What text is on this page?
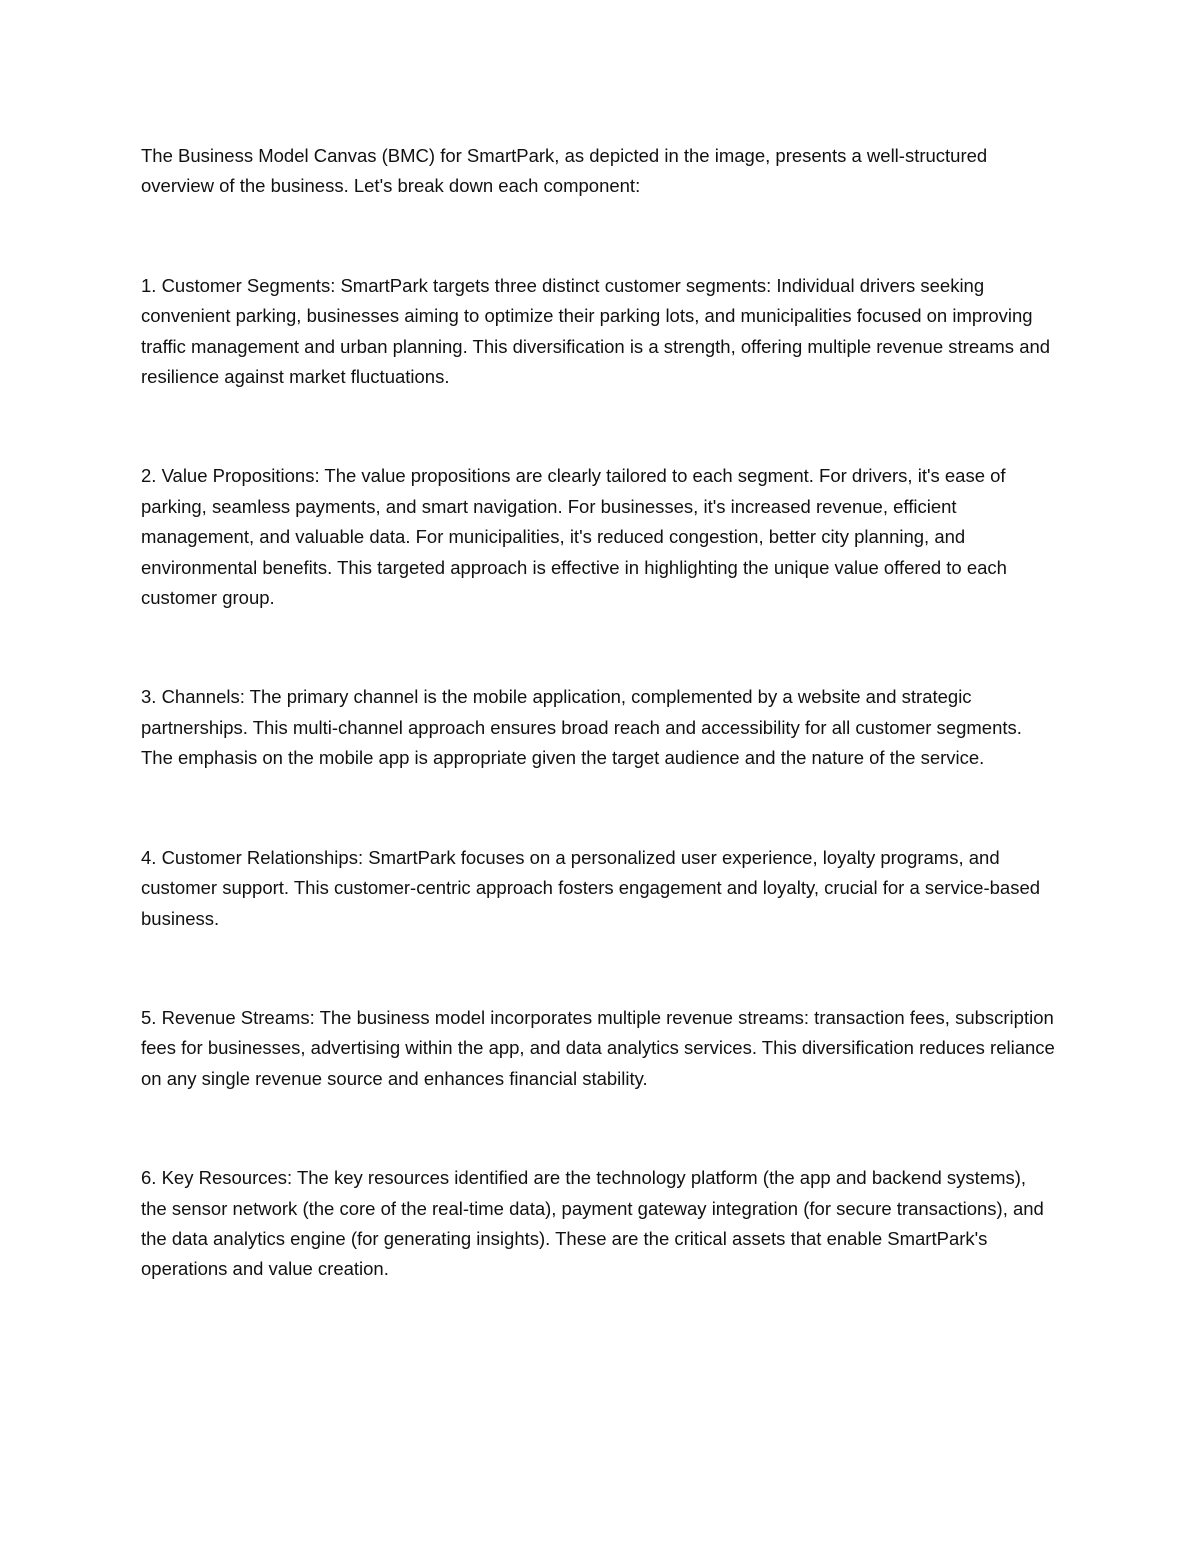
The Business Model Canvas (BMC) for SmartPark, as depicted in the image, presents a well-structured overview of the business. Let's break down each component:

1. Customer Segments: SmartPark targets three distinct customer segments: Individual drivers seeking convenient parking, businesses aiming to optimize their parking lots, and municipalities focused on improving traffic management and urban planning. This diversification is a strength, offering multiple revenue streams and resilience against market fluctuations.

2. Value Propositions: The value propositions are clearly tailored to each segment. For drivers, it's ease of parking, seamless payments, and smart navigation. For businesses, it's increased revenue, efficient management, and valuable data. For municipalities, it's reduced congestion, better city planning, and environmental benefits. This targeted approach is effective in highlighting the unique value offered to each customer group.

3. Channels: The primary channel is the mobile application, complemented by a website and strategic partnerships. This multi-channel approach ensures broad reach and accessibility for all customer segments. The emphasis on the mobile app is appropriate given the target audience and the nature of the service.

4. Customer Relationships: SmartPark focuses on a personalized user experience, loyalty programs, and customer support. This customer-centric approach fosters engagement and loyalty, crucial for a service-based business.

5. Revenue Streams: The business model incorporates multiple revenue streams: transaction fees, subscription fees for businesses, advertising within the app, and data analytics services. This diversification reduces reliance on any single revenue source and enhances financial stability.

6. Key Resources: The key resources identified are the technology platform (the app and backend systems), the sensor network (the core of the real-time data), payment gateway integration (for secure transactions), and the data analytics engine (for generating insights). These are the critical assets that enable SmartPark's operations and value creation.
